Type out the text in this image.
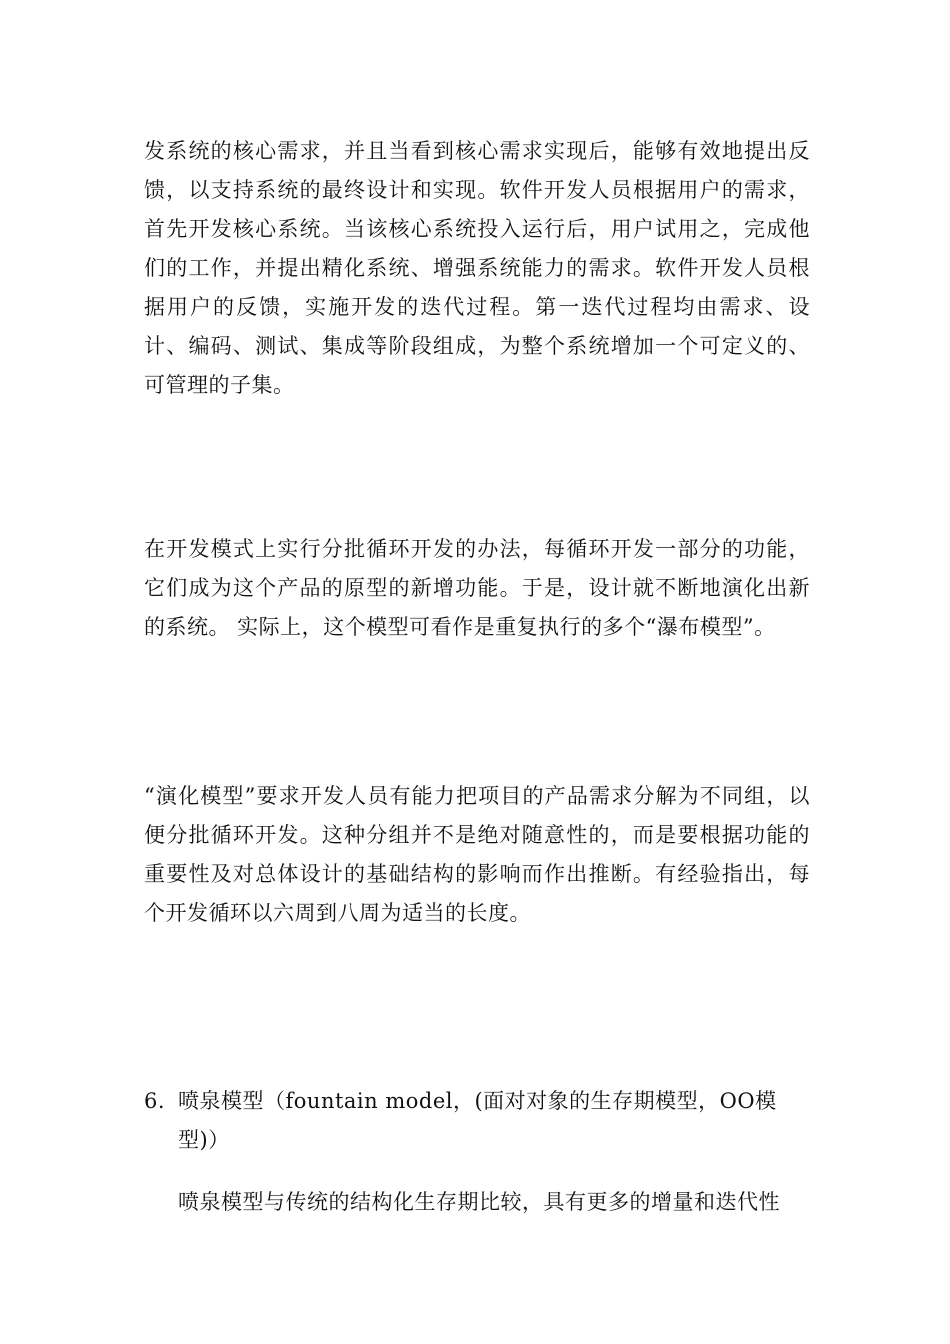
发系统的核心需求，并且当看到核心需求实现后，能够有效地提出反馈，以支持系统的最终设计和实现。软件开发人员根据用户的需求，首先开发核心系统。当该核心系统投入运行后，用户试用之，完成他们的工作，并提出精化系统、增强系统能力的需求。软件开发人员根据用户的反馈，实施开发的迭代过程。第一迭代过程均由需求、设计、编码、测试、集成等阶段组成，为整个系统增加一个可定义的、可管理的子集。

在开发模式上实行分批循环开发的办法，每循环开发一部分的功能，它们成为这个产品的原型的新增功能。于是，设计就不断地演化出新的系统。 实际上，这个模型可看作是重复执行的多个“瀑布模型”。

“演化模型”要求开发人员有能力把项目的产品需求分解为不同组，以便分批循环开发。这种分组并不是绝对随意性的，而是要根据功能的重要性及对总体设计的基础结构的影响而作出推断。有经验指出，每个开发循环以六周到八周为适当的长度。

6. 喷泉模型（fountain model，(面对对象的生存期模型，OO模型)）

喷泉模型与传统的结构化生存期比较，具有更多的增量和迭代性
